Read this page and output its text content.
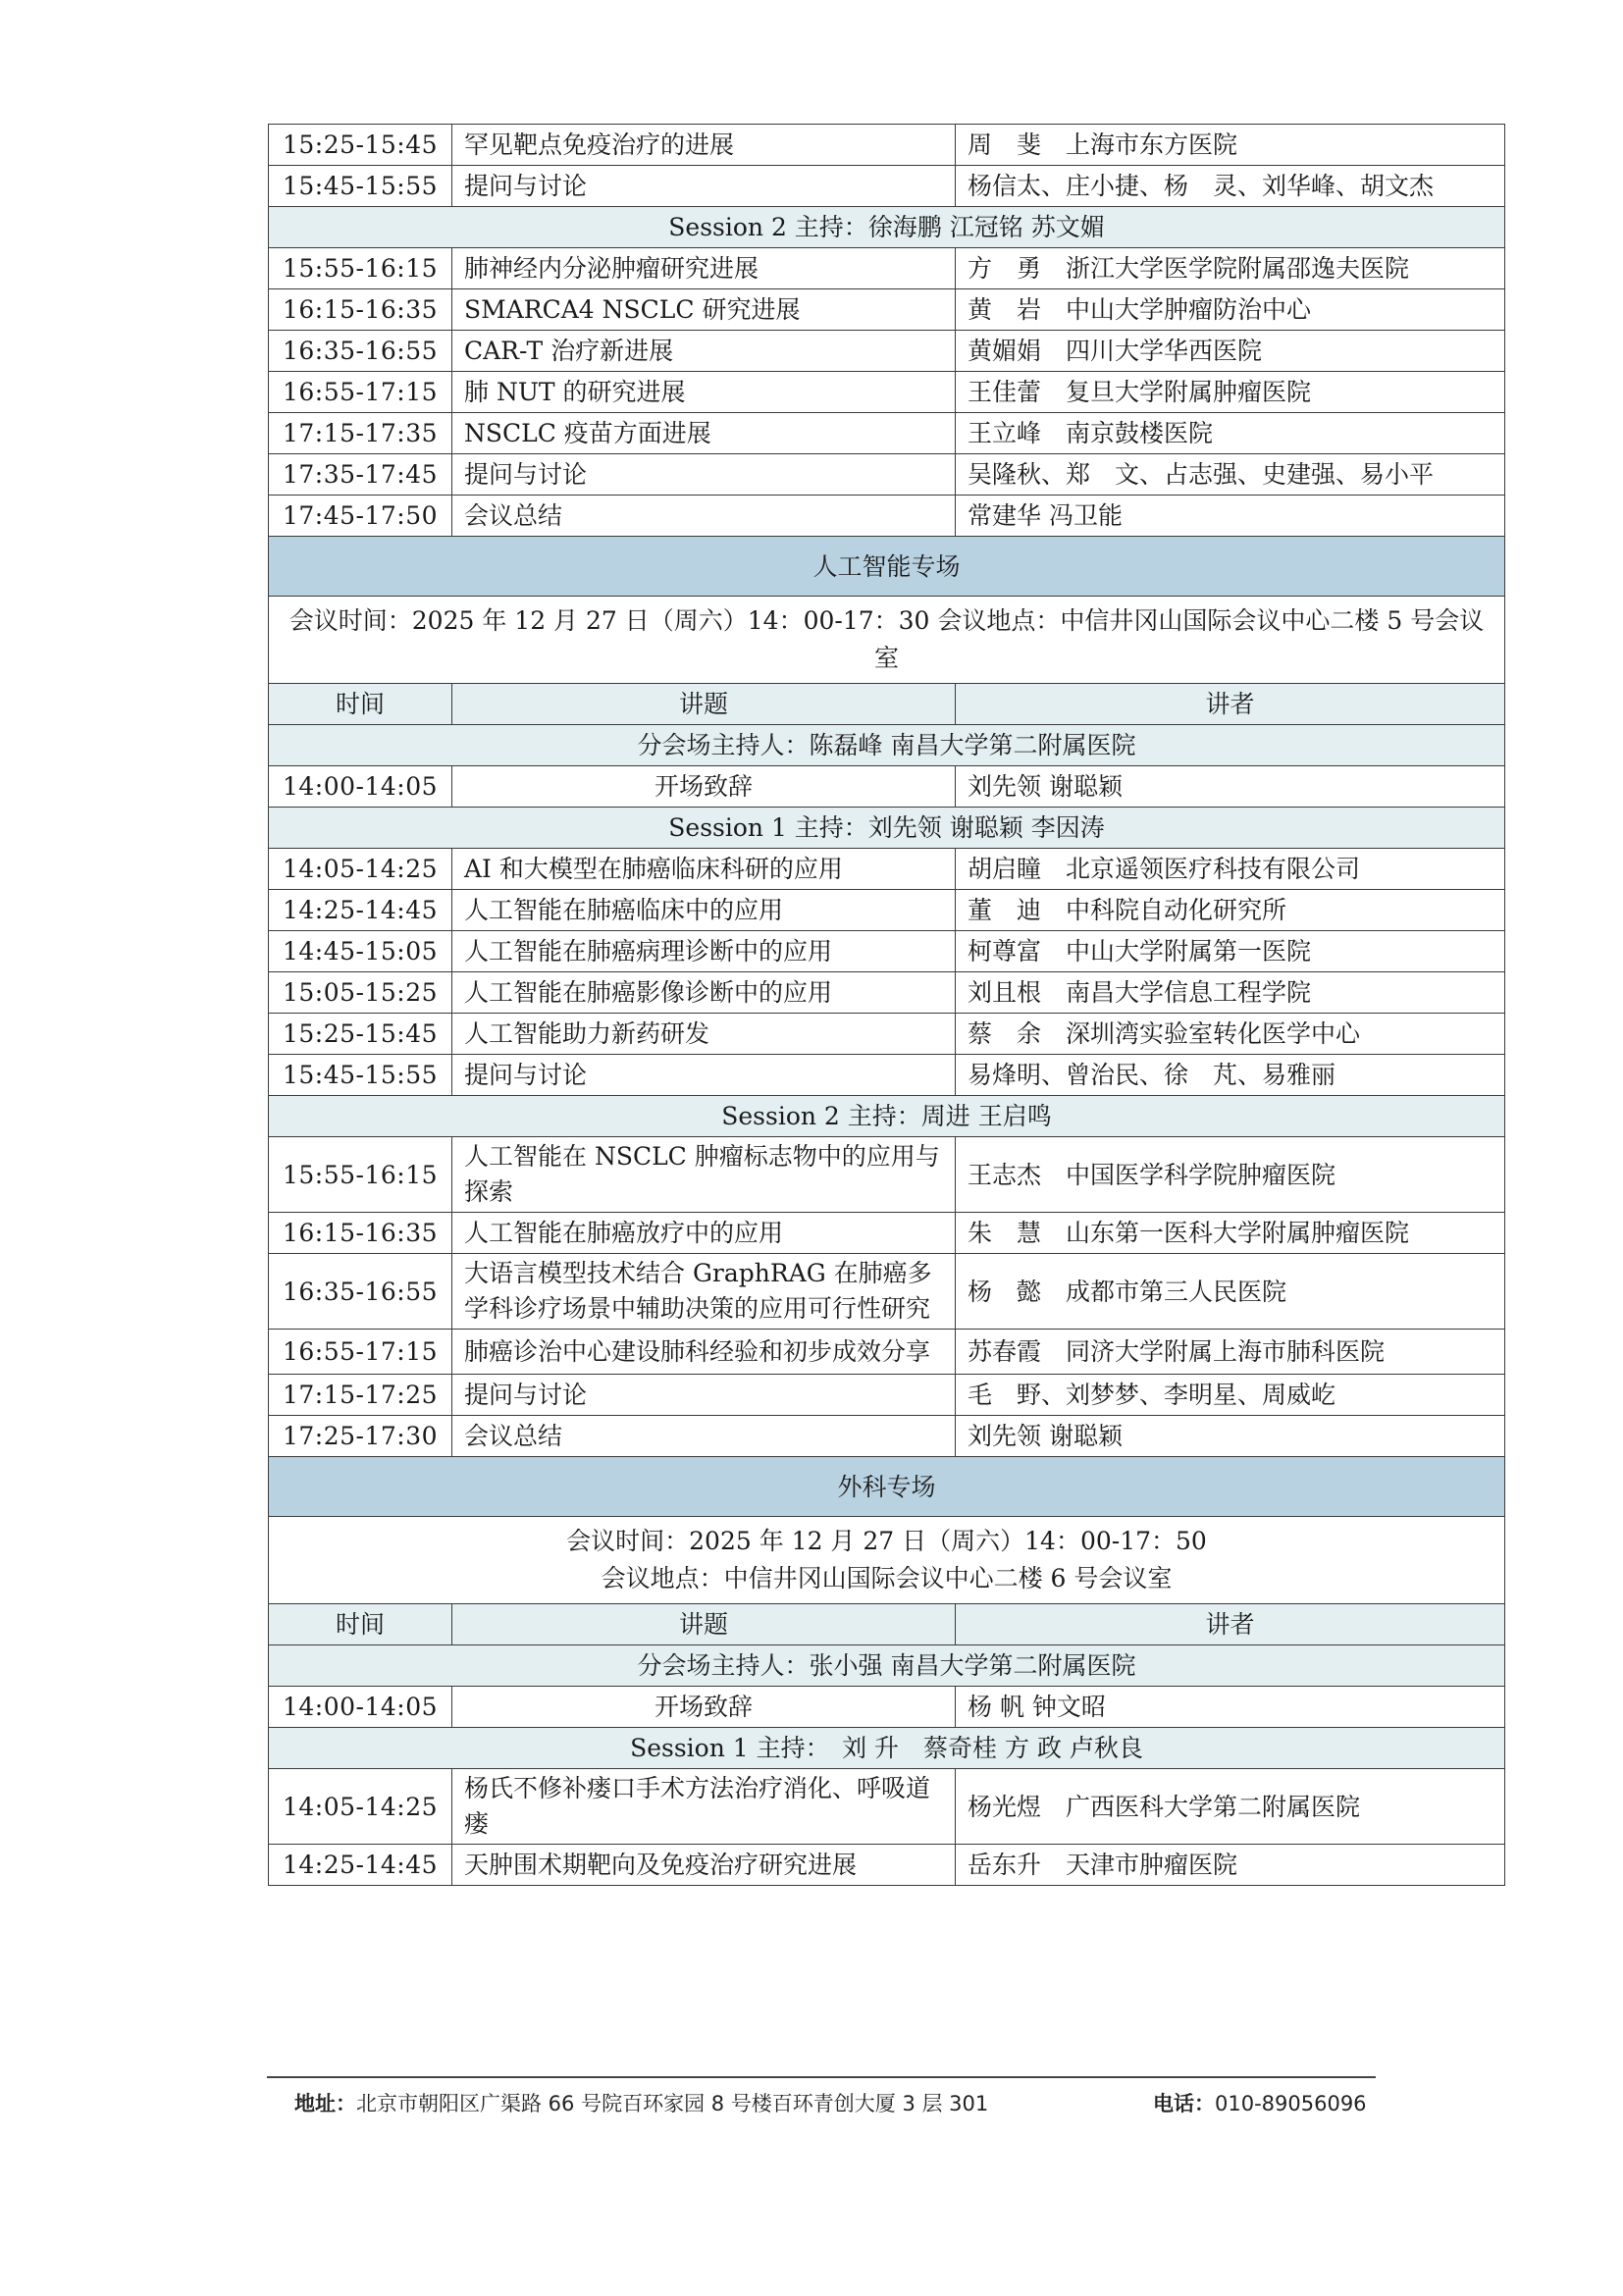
15:25-15:45	罕见靶点免疫治疗的进展	周　斐　上海市东方医院
15:45-15:55	提问与讨论	杨信太、庄小捷、杨　灵、刘华峰、胡文杰
Session 2 主持：徐海鹏 江冠铭 苏文媚		
15:55-16:15	肺神经内分泌肿瘤研究进展	方　勇　浙江大学医学院附属邵逸夫医院
16:15-16:35	SMARCA4 NSCLC 研究进展	黄　岩　中山大学肿瘤防治中心
16:35-16:55	CAR-T 治疗新进展	黄媚娟　四川大学华西医院
16:55-17:15	肺 NUT 的研究进展	王佳蕾　复旦大学附属肿瘤医院
17:15-17:35	NSCLC 疫苗方面进展	王立峰　南京鼓楼医院
17:35-17:45	提问与讨论	吴隆秋、郑　文、占志强、史建强、易小平
17:45-17:50	会议总结	常建华 冯卫能
人工智能专场		
会议时间：2025 年 12 月 27 日（周六）14：00-17：30 会议地点：中信井冈山国际会议中心二楼 5 号会议室		
时间	讲题	讲者
分会场主持人：陈磊峰 南昌大学第二附属医院		
14:00-14:05	开场致辞	刘先领 谢聪颖
Session 1 主持：刘先领 谢聪颖 李因涛		
14:05-14:25	AI 和大模型在肺癌临床科研的应用	胡启瞳　北京遥领医疗科技有限公司
14:25-14:45	人工智能在肺癌临床中的应用	董　迪　中科院自动化研究所
14:45-15:05	人工智能在肺癌病理诊断中的应用	柯尊富　中山大学附属第一医院
15:05-15:25	人工智能在肺癌影像诊断中的应用	刘且根　南昌大学信息工程学院
15:25-15:45	人工智能助力新药研发	蔡　余　深圳湾实验室转化医学中心
15:45-15:55	提问与讨论	易烽明、曾治民、徐　芃、易雅丽
Session 2 主持：周进 王启鸣		
15:55-16:15	人工智能在 NSCLC 肿瘤标志物中的应用与探索	王志杰　中国医学科学院肿瘤医院
16:15-16:35	人工智能在肺癌放疗中的应用	朱　慧　山东第一医科大学附属肿瘤医院
16:35-16:55	大语言模型技术结合 GraphRAG 在肺癌多学科诊疗场景中辅助决策的应用可行性研究	杨　懿　成都市第三人民医院
16:55-17:15	肺癌诊治中心建设肺科经验和初步成效分享	苏春霞　同济大学附属上海市肺科医院
17:15-17:25	提问与讨论	毛　野、刘梦梦、李明星、周威屹
17:25-17:30	会议总结	刘先领 谢聪颖
外科专场		
会议时间：2025 年 12 月 27 日（周六）14：00-17：50
会议地点：中信井冈山国际会议中心二楼 6 号会议室		
时间	讲题	讲者
分会场主持人：张小强 南昌大学第二附属医院		
14:00-14:05	开场致辞	杨 帆 钟文昭
Session 1 主持：　刘 升　蔡奇桂 方 政 卢秋良		
14:05-14:25	杨氏不修补瘘口手术方法治疗消化、呼吸道瘘	杨光煜　广西医科大学第二附属医院
14:25-14:45	天肿围术期靶向及免疫治疗研究进展	岳东升　天津市肿瘤医院
地址：北京市朝阳区广渠路 66 号院百环家园 8 号楼百环青创大厦 3 层 301	电话：010-89056096
